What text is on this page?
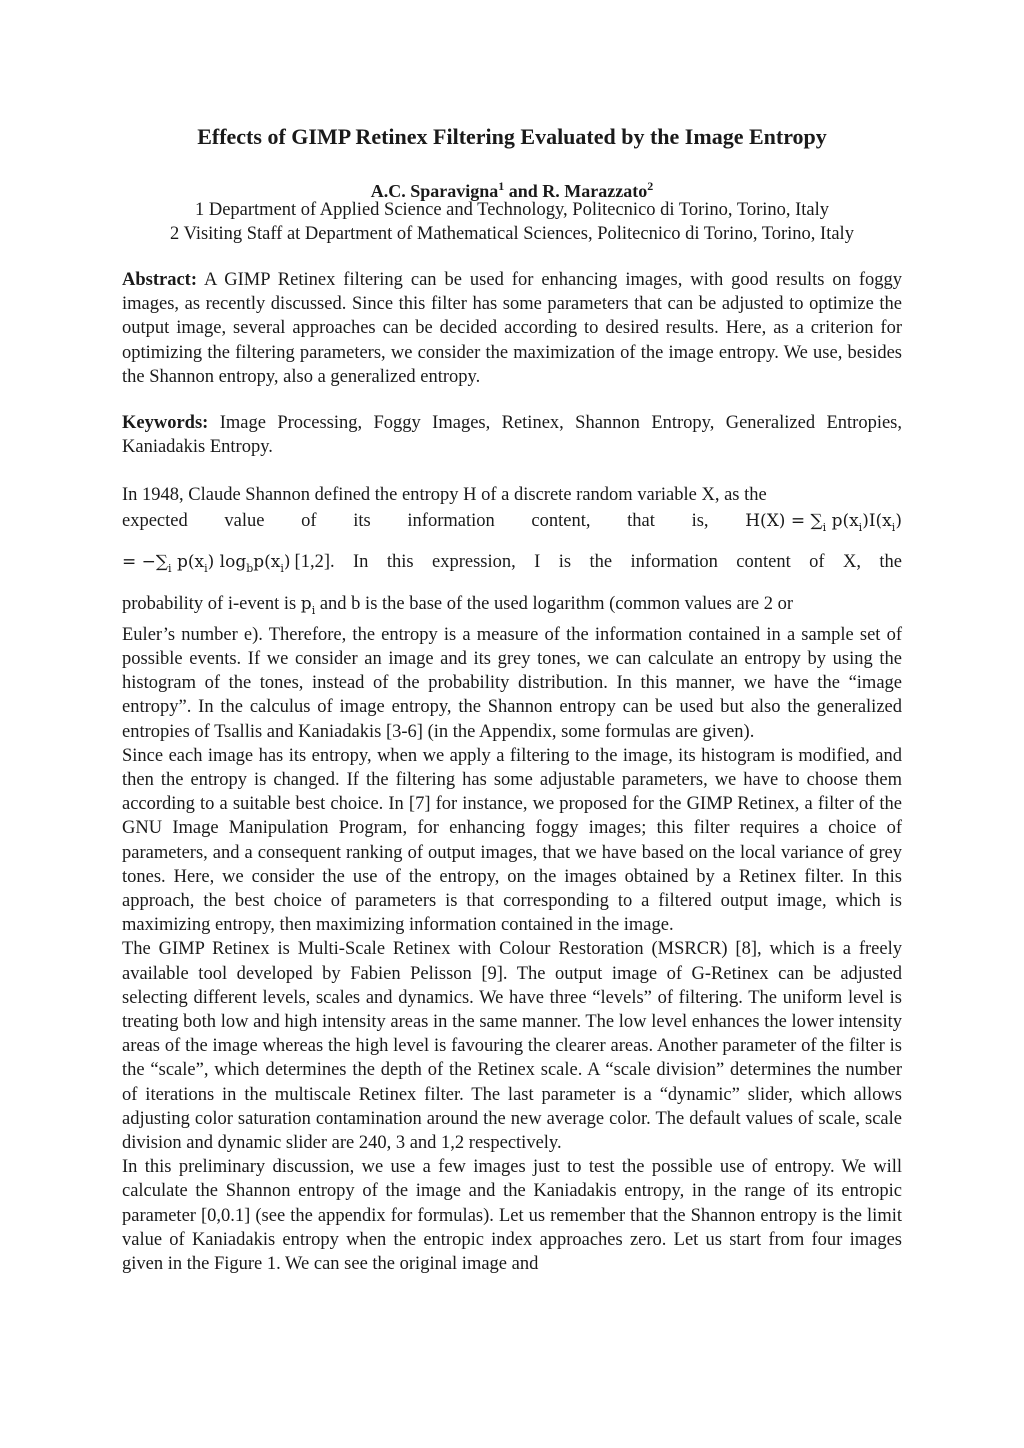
Effects of GIMP Retinex Filtering Evaluated by the Image Entropy
A.C. Sparavigna$^1$ and R. Marazzato$^2$
1 Department of Applied Science and Technology, Politecnico di Torino, Torino, Italy
2 Visiting Staff at Department of Mathematical Sciences, Politecnico di Torino, Torino, Italy

Abstract: A GIMP Retinex filtering can be used for enhancing images, with good results on foggy images, as recently discussed. Since this filter has some parameters that can be adjusted to optimize the output image, several approaches can be decided according to desired results. Here, as a criterion for optimizing the filtering parameters, we consider the maximization of the image entropy. We use, besides the Shannon entropy, also a generalized entropy.

Keywords: Image Processing, Foggy Images, Retinex, Shannon Entropy, Generalized Entropies, Kaniadakis Entropy.

In 1948, Claude Shannon defined the entropy H of a discrete random variable X, as the

expected value of its information content, that is, $H(X) = \sum_i$ $p(x_i)I(x_i)$
= $-\sum_i$ $p(x_i)$ $\log_bp(x_i)$ [1,2]. In this expression, I is the information content of X, the

probability of i-event is $p_i$ and b is the base of the used logarithm (common values are 2 or

Euler’s number e). Therefore, the entropy is a measure of the information contained in a sample set of possible events. If we consider an image and its grey tones, we can calculate an entropy by using the histogram of the tones, instead of the probability distribution. In this manner, we have the “image entropy”. In the calculus of image entropy, the Shannon entropy can be used but also the generalized entropies of Tsallis and Kaniadakis [3-6] (in the Appendix, some formulas are given).

Since each image has its entropy, when we apply a filtering to the image, its histogram is modified, and then the entropy is changed. If the filtering has some adjustable parameters, we have to choose them according to a suitable best choice. In [7] for instance, we proposed for the GIMP Retinex, a filter of the GNU Image Manipulation Program, for enhancing foggy images; this filter requires a choice of parameters, and a consequent ranking of output images, that we have based on the local variance of grey tones. Here, we consider the use of the entropy, on the images obtained by a Retinex filter. In this approach, the best choice of parameters is that corresponding to a filtered output image, which is maximizing entropy, then maximizing information contained in the image.

The GIMP Retinex is Multi-Scale Retinex with Colour Restoration (MSRCR) [8], which is a freely available tool developed by Fabien Pelisson [9]. The output image of G-Retinex can be adjusted selecting different levels, scales and dynamics. We have three “levels” of filtering. The uniform level is treating both low and high intensity areas in the same manner. The low level enhances the lower intensity areas of the image whereas the high level is favouring the clearer areas. Another parameter of the filter is the “scale”, which determines the depth of the Retinex scale. A “scale division” determines the number of iterations in the multiscale Retinex filter. The last parameter is a “dynamic” slider, which allows adjusting color saturation contamination around the new average color. The default values of scale, scale division and dynamic slider are 240, 3 and 1,2 respectively.

In this preliminary discussion, we use a few images just to test the possible use of entropy. We will calculate the Shannon entropy of the image and the Kaniadakis entropy, in the range of its entropic parameter [0,0.1] (see the appendix for formulas). Let us remember that the Shannon entropy is the limit value of Kaniadakis entropy when the entropic index approaches zero. Let us start from four images given in the Figure 1. We can see the original image and
